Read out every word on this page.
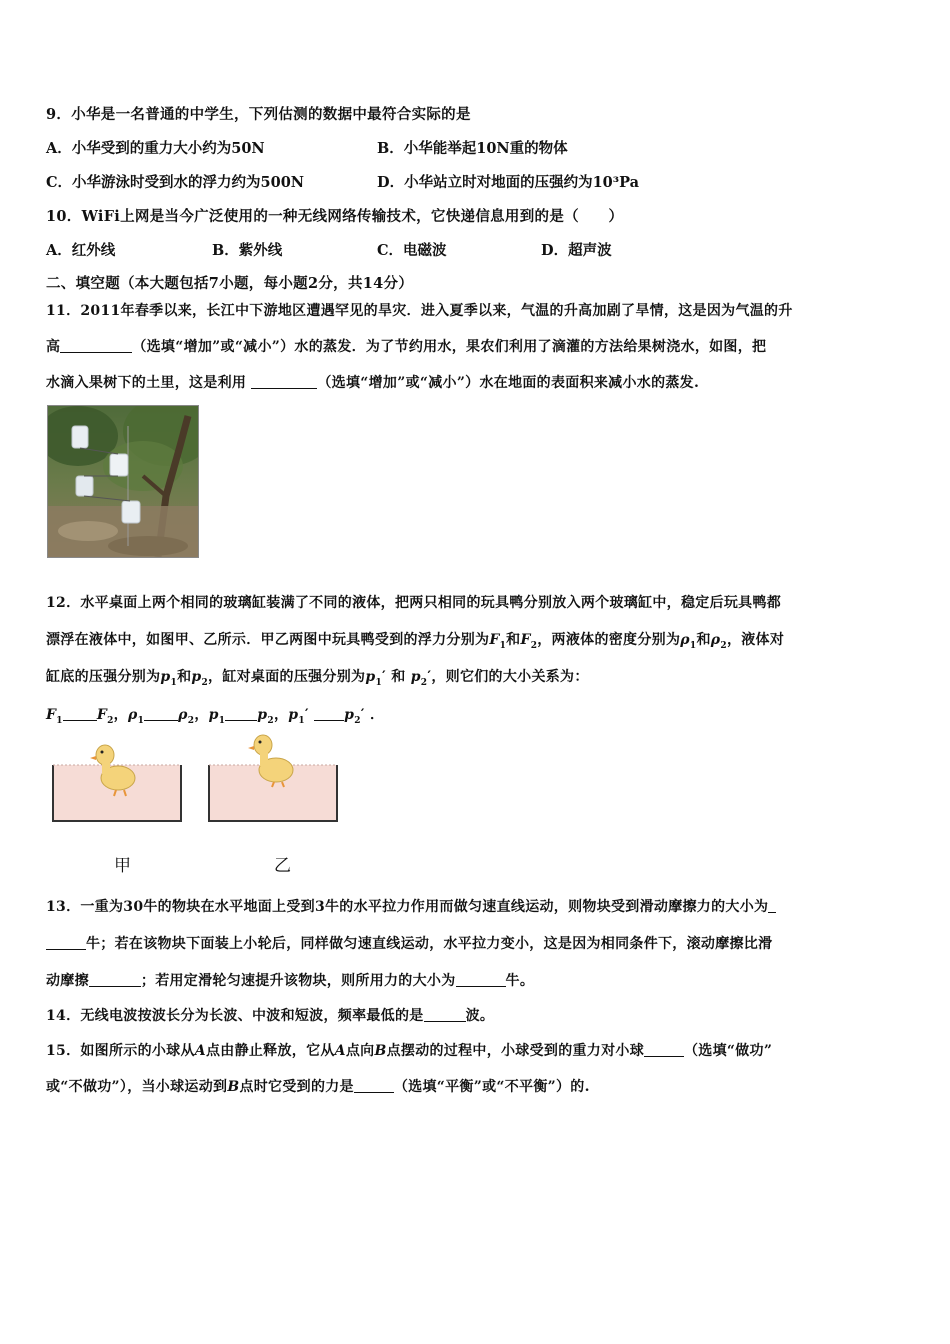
9．小华是一名普通的中学生，下列估测的数据中最符合实际的是
A．小华受到的重力大小约为50N	B．小华能举起10N重的物体
C．小华游泳时受到水的浮力约为500N	D．小华站立时对地面的压强约为10³Pa
10．WiFi上网是当今广泛使用的一种无线网络传输技术，它快递信息用到的是（　　）
A．红外线	B．紫外线	C．电磁波	D．超声波
二、填空题（本大题包括7小题，每小题2分，共14分）
11．2011年春季以来，长江中下游地区遭遇罕见的旱灾．进入夏季以来，气温的升高加剧了旱情，这是因为气温的升
高	（选填“增加”或“减小”）水的蒸发．为了节约用水，果农们利用了滴灌的方法给果树浇水，如图，把
水滴入果树下的土里，这是利用	（选填“增加”或“减小”）水在地面的表面积来减小水的蒸发.
12．水平桌面上两个相同的玻璃缸装满了不同的液体，把两只相同的玩具鸭分别放入两个玻璃缸中，稳定后玩具鸭都
漂浮在液体中，如图甲、乙所示．甲乙两图中玩具鸭受到的浮力分别为$F_1$和$F_2$，两液体的密度分别为$\rho_1$和$\rho_2$，液体对
缸底的压强分别为$p_1$和$p_2$，缸对桌面的压强分别为$p_1'$ 和 $p_2'$，则它们的大小关系为：
$F_1$ $F_2$，$\rho_1$ $\rho_2$，$p_1$ $p_2$，$p_1'$	$p_2'$ ．
甲	乙
13．一重为30牛的物块在水平地面上受到3牛的水平拉力作用而做匀速直线运动，则物块受到滑动摩擦力的大小为
牛；若在该物块下面装上小轮后，同样做匀速直线运动，水平拉力变小，这是因为相同条件下，滚动摩擦比滑
动摩擦	；若用定滑轮匀速提升该物块，则所用力的大小为	牛。
14．无线电波按波长分为长波、中波和短波，频率最低的是	波。
15．如图所示的小球从A点由静止释放，它从A点向B点摆动的过程中，小球受到的重力对小球	（选填“做功”
或“不做功”），当小球运动到B点时它受到的力是	（选填“平衡”或“不平衡”）的.
